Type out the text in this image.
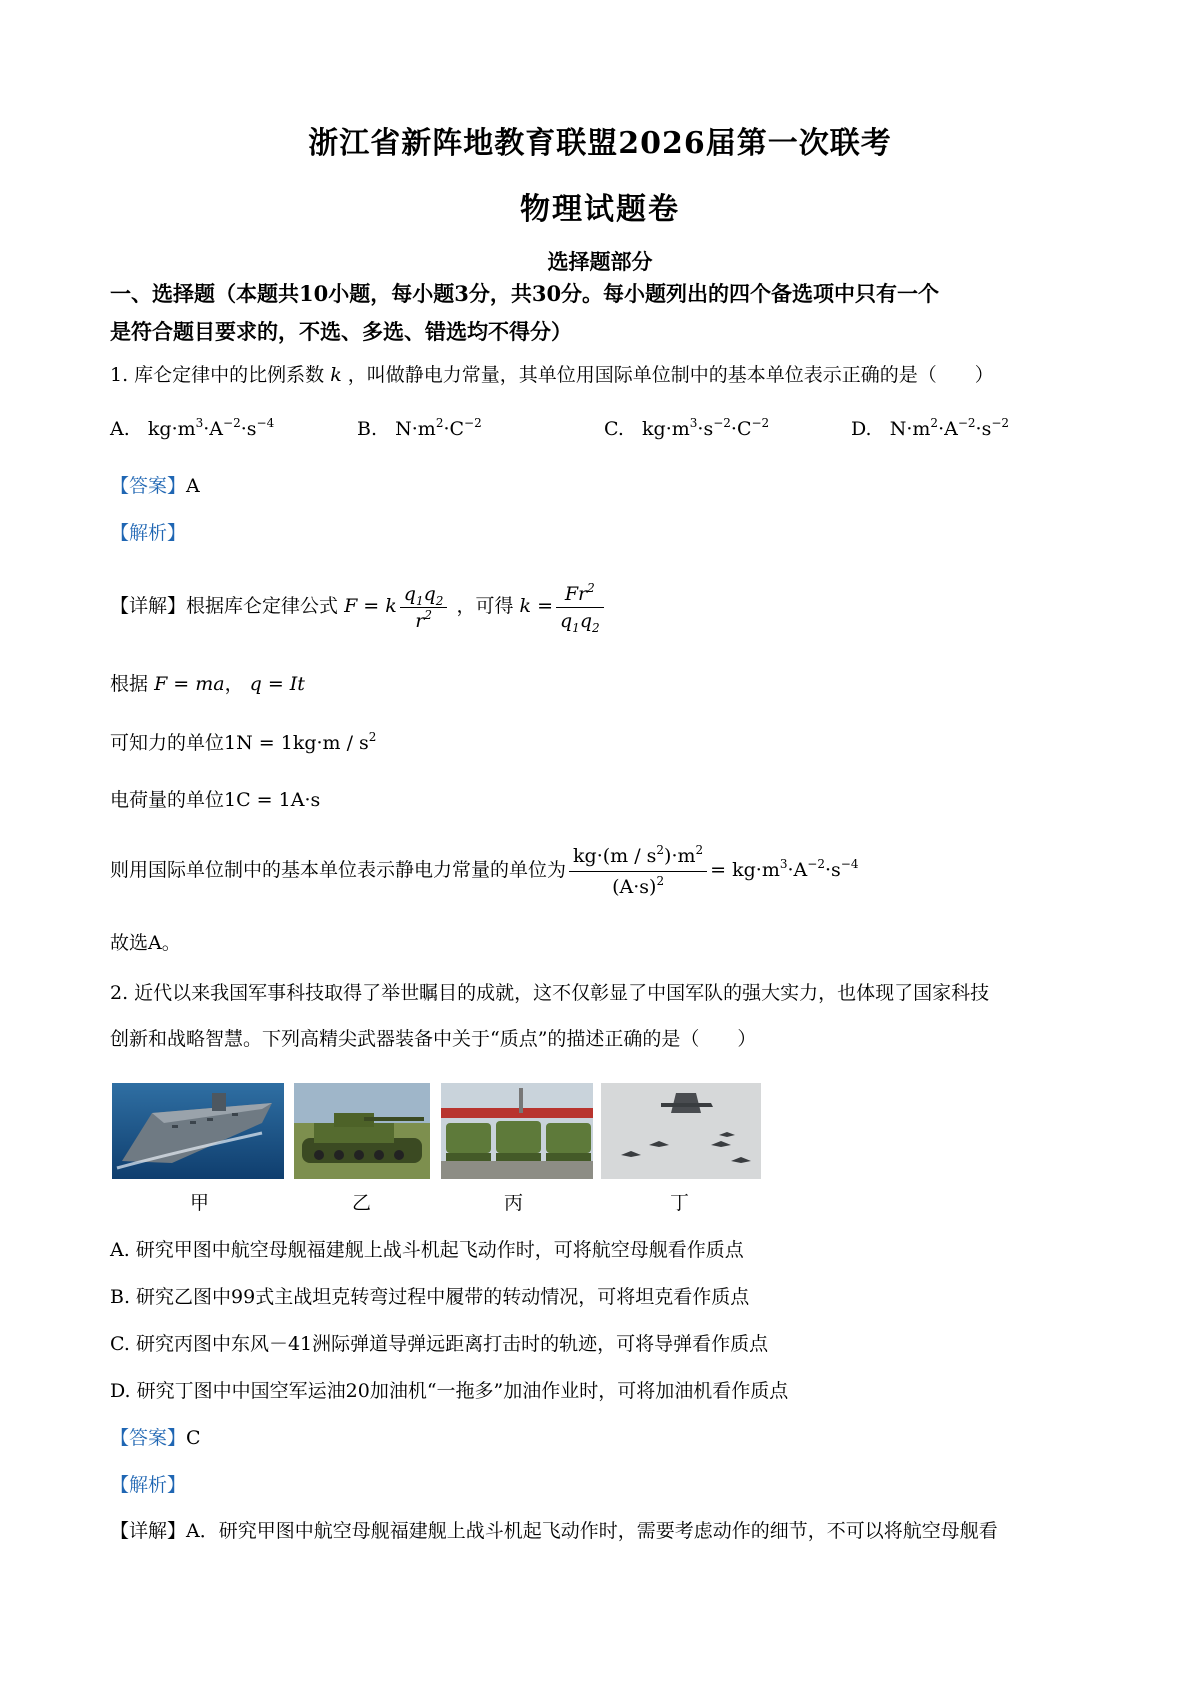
浙江省新阵地教育联盟2026届第一次联考
物理试题卷
选择题部分
一、选择题（本题共10小题，每小题3分，共30分。每小题列出的四个备选项中只有一个
是符合题目要求的，不选、多选、错选均不得分）
1. 库仑定律中的比例系数 k ，叫做静电力常量，其单位用国际单位制中的基本单位表示正确的是（　　）
A.   $kg\cdot m^3\cdot A^{-2}\cdot s^{-4}$	B.   $N\cdot m^2\cdot C^{-2}$	C.   $kg\cdot m^3\cdot s^{-2}\cdot C^{-2}$	D.   $N\cdot m^2\cdot A^{-2}\cdot s^{-2}$
【答案】A
【解析】
【详解】根据库仑定律公式 F = k $\frac{q_1q_2}{r^2}$ ，可得 $k = \frac{Fr^2}{q_1q_2}$
根据 F = ma， q = It
可知力的单位$1N = 1kg\cdot m / s^2$
电荷量的单位1C = 1A·s
则用国际单位制中的基本单位表示静电力常量的单位为 $\frac{kg\cdot(m / s^2)\cdot m^2}{(A\cdot s)^2} = kg\cdot m^3\cdot A^{-2}\cdot s^{-4}$
故选A。
2. 近代以来我国军事科技取得了举世瞩目的成就，这不仅彰显了中国军队的强大实力，也体现了国家科技
创新和战略智慧。下列高精尖武器装备中关于“质点”的描述正确的是（　　）
甲	乙	丙	丁
A. 研究甲图中航空母舰福建舰上战斗机起飞动作时，可将航空母舰看作质点
B. 研究乙图中99式主战坦克转弯过程中履带的转动情况，可将坦克看作质点
C. 研究丙图中东风－41洲际弹道导弹远距离打击时的轨迹，可将导弹看作质点
D. 研究丁图中中国空军运油20加油机“一拖多”加油作业时，可将加油机看作质点
【答案】C
【解析】
【详解】A．研究甲图中航空母舰福建舰上战斗机起飞动作时，需要考虑动作的细节，不可以将航空母舰看
